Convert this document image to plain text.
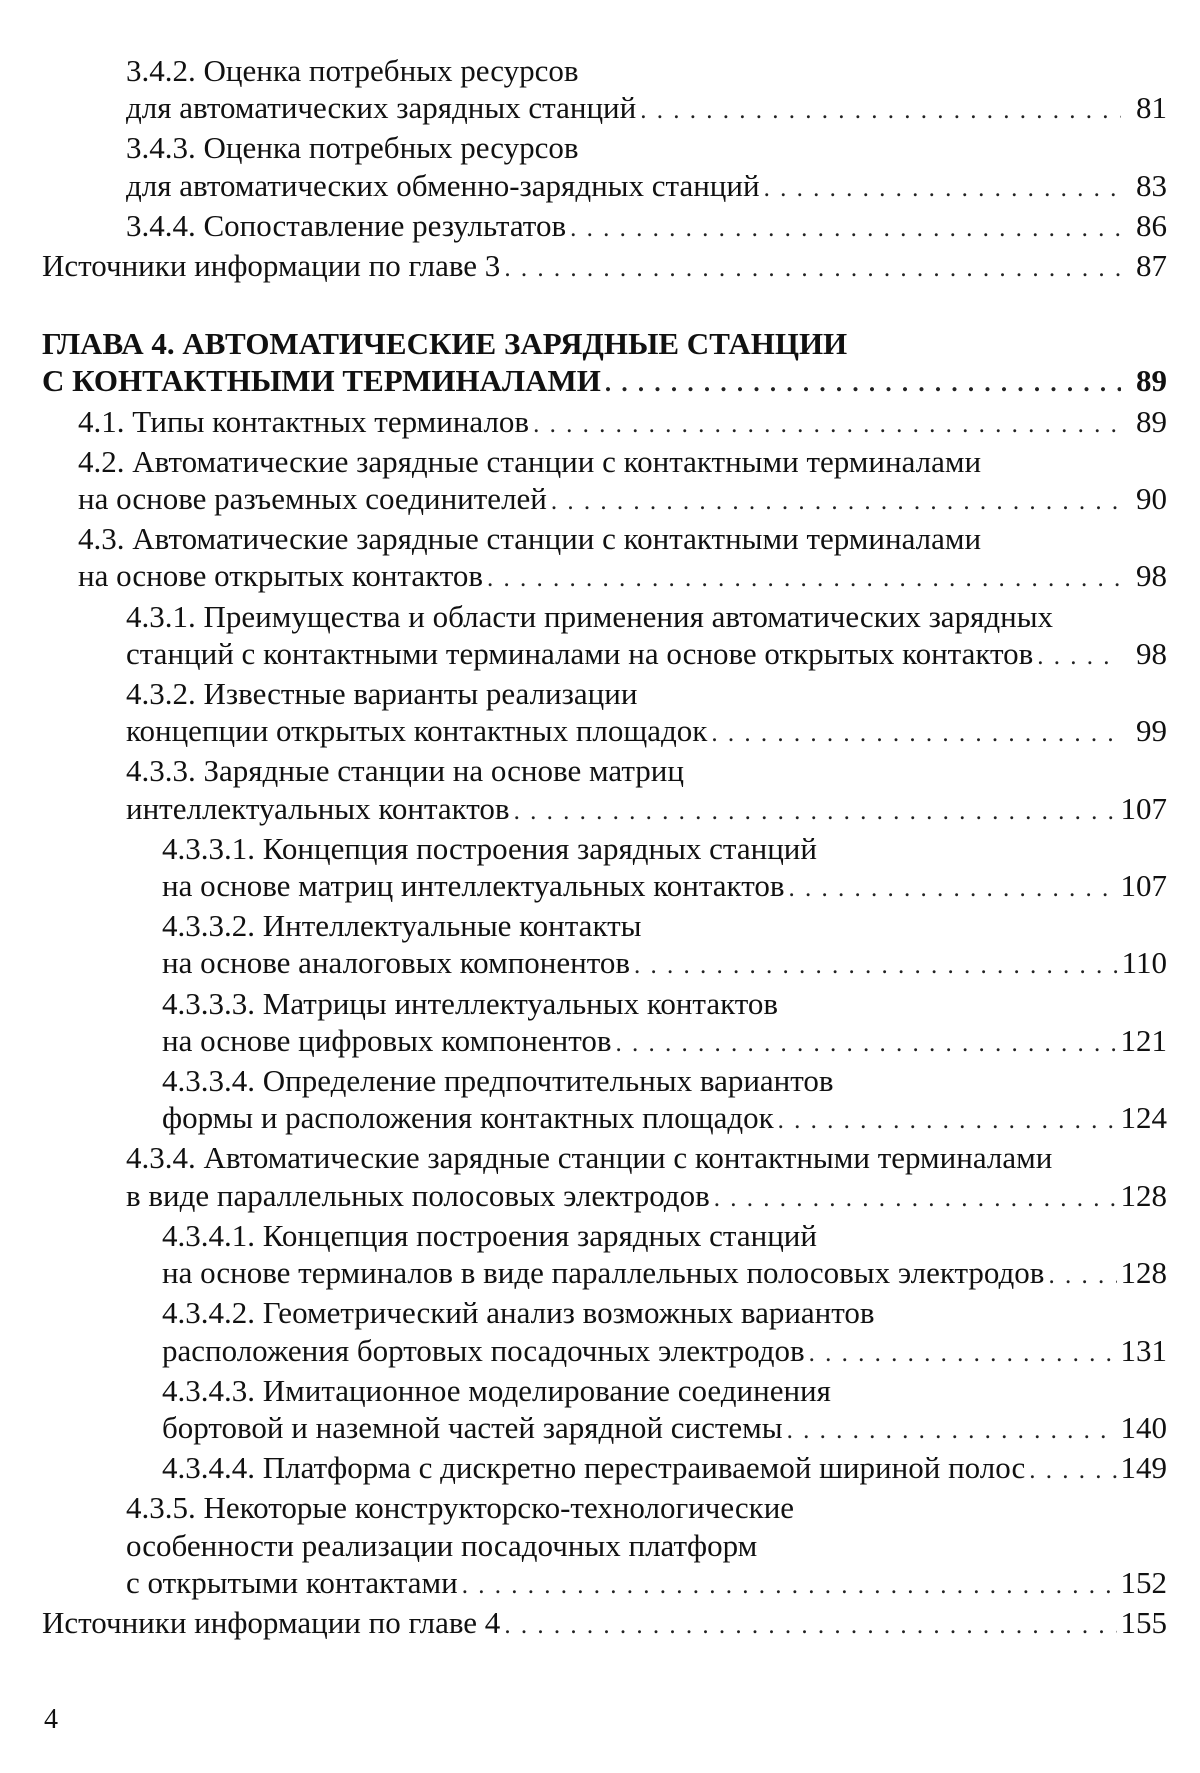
3.4.2. Оценка потребных ресурсов
для автоматических зарядных станций . . .	81
3.4.3. Оценка потребных ресурсов
для автоматических обменно-зарядных станций . . .	83
3.4.4. Сопоставление результатов . . .	86
Источники информации по главе 3 . . .	87
ГЛАВА 4. АВТОМАТИЧЕСКИЕ ЗАРЯДНЫЕ СТАНЦИИ
С КОНТАКТНЫМИ ТЕРМИНАЛАМИ . . .	89
4.1. Типы контактных терминалов . . .	89
4.2. Автоматические зарядные станции с контактными терминалами
на основе разъемных соединителей . . .	90
4.3. Автоматические зарядные станции с контактными терминалами
на основе открытых контактов . . .	98
4.3.1. Преимущества и области применения автоматических зарядных
станций с контактными терминалами на основе открытых контактов . . .	98
4.3.2. Известные варианты реализации
концепции открытых контактных площадок . . .	99
4.3.3. Зарядные станции на основе матриц
интеллектуальных контактов . . .	107
4.3.3.1. Концепция построения зарядных станций
на основе матриц интеллектуальных контактов . . .	107
4.3.3.2. Интеллектуальные контакты
на основе аналоговых компонентов . . .	110
4.3.3.3. Матрицы интеллектуальных контактов
на основе цифровых компонентов . . .	121
4.3.3.4. Определение предпочтительных вариантов
формы и расположения контактных площадок . . .	124
4.3.4. Автоматические зарядные станции с контактными терминалами
в виде параллельных полосовых электродов . . .	128
4.3.4.1. Концепция построения зарядных станций
на основе терминалов в виде параллельных полосовых электродов . . . 128
4.3.4.2. Геометрический анализ возможных вариантов
расположения бортовых посадочных электродов . . .	131
4.3.4.3. Имитационное моделирование соединения
бортовой и наземной частей зарядной системы . . .	140
4.3.4.4. Платформа с дискретно перестраиваемой шириной полос . . .	149
4.3.5. Некоторые конструкторско-технологические
особенности реализации посадочных платформ
с открытыми контактами . . .	152
Источники информации по главе 4 . . .	155
4
